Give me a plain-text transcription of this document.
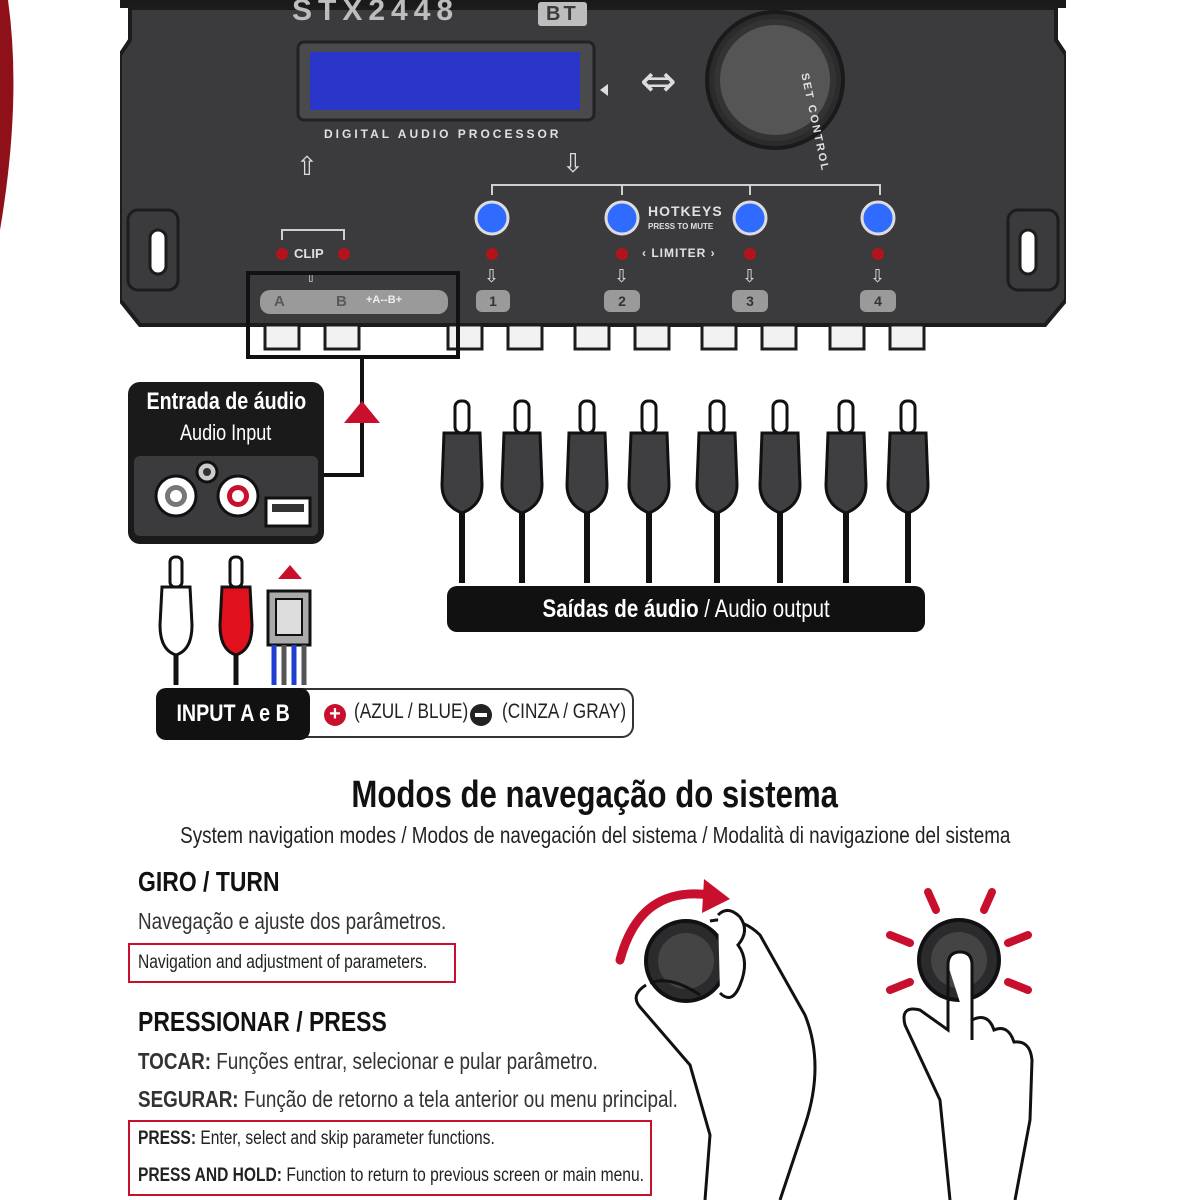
⇔
⇧	⇩
⇩	⇩	⇩	⇩
⇧
STX2448	BT
DIGITAL AUDIO PROCESSOR	SET CONTROL
CLIP
HOTKEYS
PRESS TO MUTE
‹ LIMITER ›
A	B +A--B+	1	2	3	4
Entrada de áudio
Audio Input
INPUT A e B	+ (AZUL / BLUE)	(CINZA / GRAY)
Saídas de áudio / Audio output
Modos de navegação do sistema
System navigation modes / Modos de navegación del sistema / Modalità di navigazione del sistema
GIRO / TURN
Navegação e ajuste dos parâmetros.
Navigation and adjustment of parameters.
PRESSIONAR / PRESS
TOCAR: Funções entrar, selecionar e pular parâmetro.
SEGURAR: Função de retorno a tela anterior ou menu principal.
PRESS: Enter, select and skip parameter functions.
PRESS AND HOLD: Function to return to previous screen or main menu.
